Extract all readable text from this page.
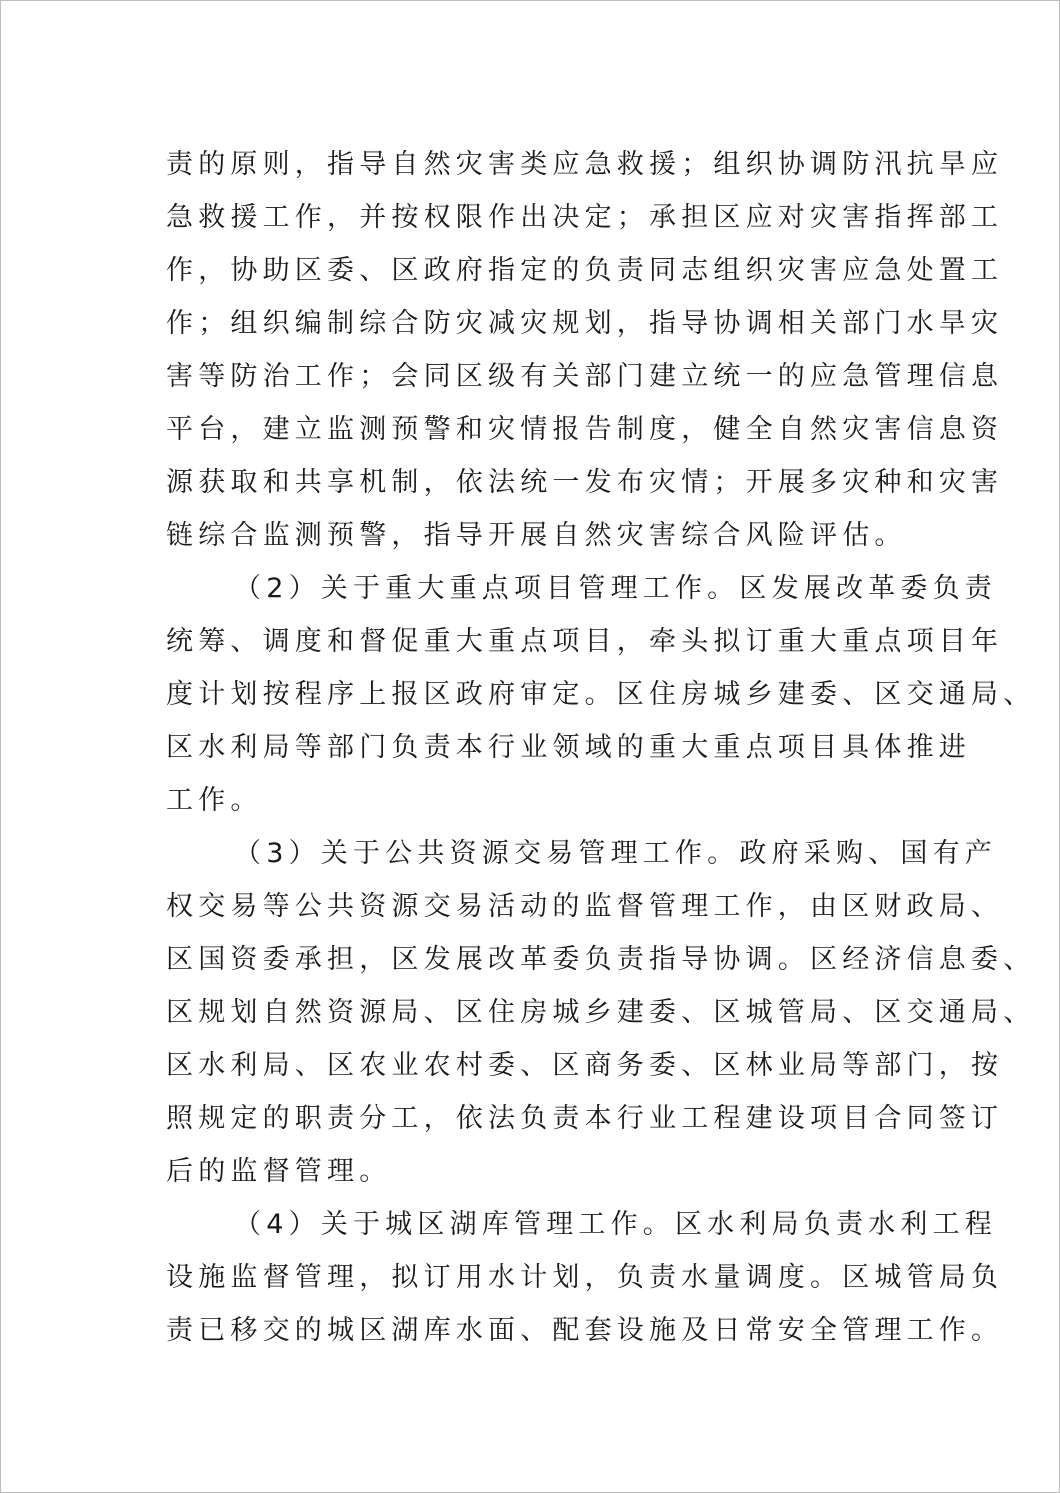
责的原则，指导自然灾害类应急救援；组织协调防汛抗旱应
急救援工作，并按权限作出决定；承担区应对灾害指挥部工
作，协助区委、区政府指定的负责同志组织灾害应急处置工
作；组织编制综合防灾减灾规划，指导协调相关部门水旱灾
害等防治工作；会同区级有关部门建立统一的应急管理信息
平台，建立监测预警和灾情报告制度，健全自然灾害信息资
源获取和共享机制，依法统一发布灾情；开展多灾种和灾害
链综合监测预警，指导开展自然灾害综合风险评估。
（2）关于重大重点项目管理工作。区发展改革委负责
统筹、调度和督促重大重点项目，牵头拟订重大重点项目年
度计划按程序上报区政府审定。区住房城乡建委、区交通局、
区水利局等部门负责本行业领域的重大重点项目具体推进
工作。
（3）关于公共资源交易管理工作。政府采购、国有产
权交易等公共资源交易活动的监督管理工作，由区财政局、
区国资委承担，区发展改革委负责指导协调。区经济信息委、
区规划自然资源局、区住房城乡建委、区城管局、区交通局、
区水利局、区农业农村委、区商务委、区林业局等部门，按
照规定的职责分工，依法负责本行业工程建设项目合同签订
后的监督管理。
（4）关于城区湖库管理工作。区水利局负责水利工程
设施监督管理，拟订用水计划，负责水量调度。区城管局负
责已移交的城区湖库水面、配套设施及日常安全管理工作。
